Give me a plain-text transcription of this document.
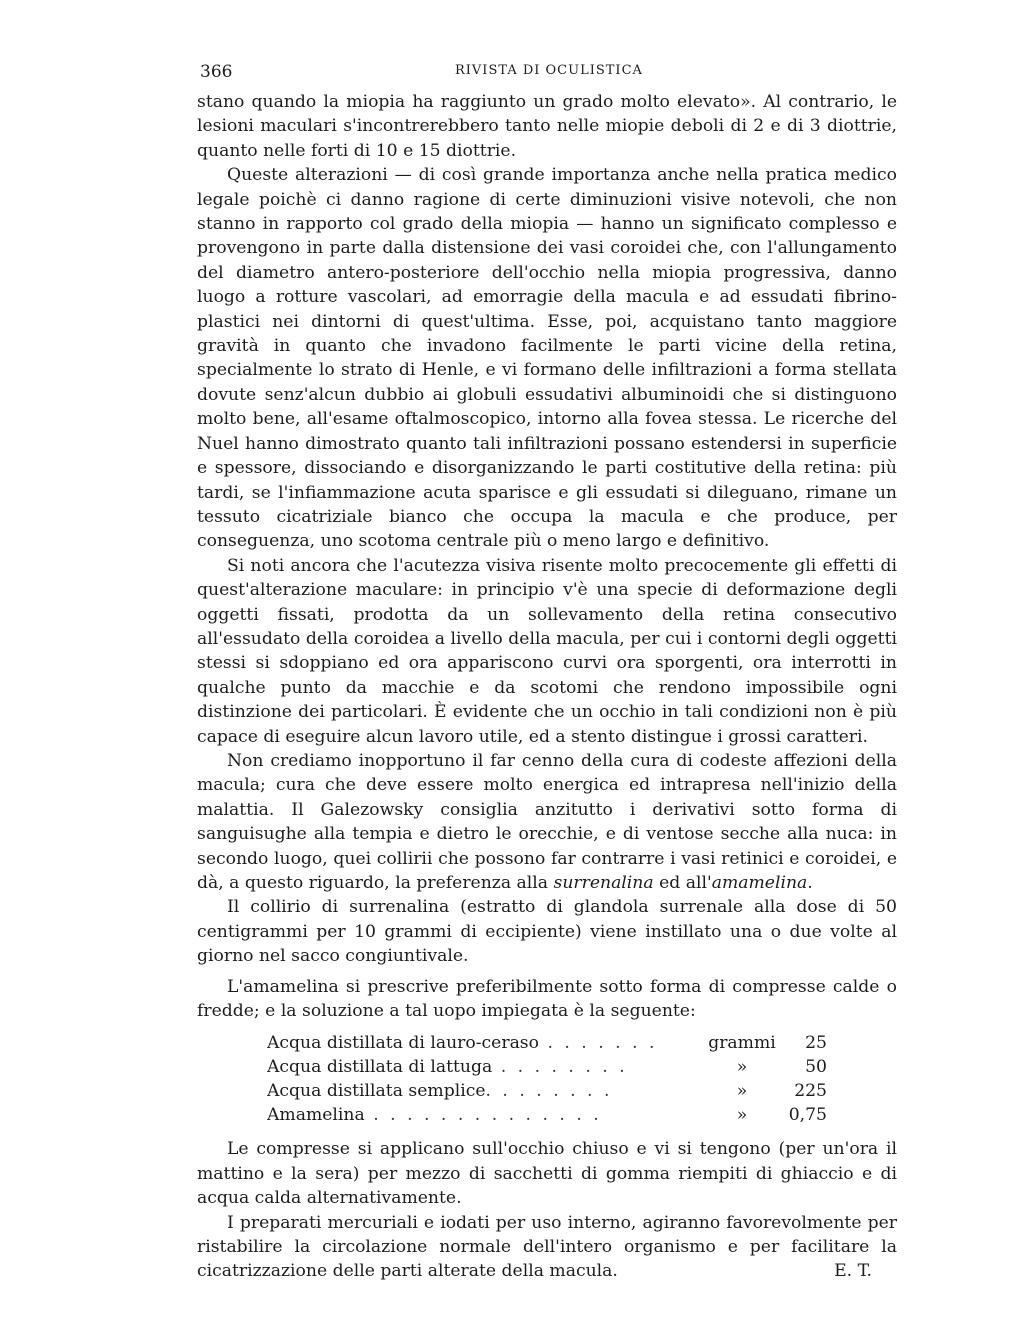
366	RIVISTA DI OCULISTICA

stano quando la miopia ha raggiunto un grado molto elevato». Al contrario, le lesioni maculari s'incontrerebbero tanto nelle miopie deboli di 2 e di 3 diottrie, quanto nelle forti di 10 e 15 diottrie.

Queste alterazioni — di così grande importanza anche nella pratica medico legale poichè ci danno ragione di certe diminuzioni visive notevoli, che non stanno in rapporto col grado della miopia — hanno un significato complesso e provengono in parte dalla distensione dei vasi coroidei che, con l'allungamento del diametro antero-posteriore dell'occhio nella miopia progressiva, danno luogo a rotture vascolari, ad emorragie della macula e ad essudati fibrino-plastici nei dintorni di quest'ultima. Esse, poi, acquistano tanto maggiore gravità in quanto che invadono facilmente le parti vicine della retina, specialmente lo strato di Henle, e vi formano delle infiltrazioni a forma stellata dovute senz'alcun dubbio ai globuli essudativi albuminoidi che si distinguono molto bene, all'esame oftalmoscopico, intorno alla fovea stessa. Le ricerche del Nuel hanno dimostrato quanto tali infiltrazioni possano estendersi in superficie e spessore, dissociando e disorganizzando le parti costitutive della retina: più tardi, se l'infiammazione acuta sparisce e gli essudati si dileguano, rimane un tessuto cicatriziale bianco che occupa la macula e che produce, per conseguenza, uno scotoma centrale più o meno largo e definitivo.

Si noti ancora che l'acutezza visiva risente molto precocemente gli effetti di quest'alterazione maculare: in principio v'è una specie di deformazione degli oggetti fissati, prodotta da un sollevamento della retina consecutivo all'essudato della coroidea a livello della macula, per cui i contorni degli oggetti stessi si sdoppiano ed ora appariscono curvi ora sporgenti, ora interrotti in qualche punto da macchie e da scotomi che rendono impossibile ogni distinzione dei particolari. È evidente che un occhio in tali condizioni non è più capace di eseguire alcun lavoro utile, ed a stento distingue i grossi caratteri.

Non crediamo inopportuno il far cenno della cura di codeste affezioni della macula; cura che deve essere molto energica ed intrapresa nell'inizio della malattia. Il Galezowsky consiglia anzitutto i derivativi sotto forma di sanguisughe alla tempia e dietro le orecchie, e di ventose secche alla nuca: in secondo luogo, quei collirii che possono far contrarre i vasi retinici e coroidei, e dà, a questo riguardo, la preferenza alla surrenalina ed all'amamelina.

Il collirio di surrenalina (estratto di glandola surrenale alla dose di 50 centigrammi per 10 grammi di eccipiente) viene instillato una o due volte al giorno nel sacco congiuntivale.

L'amamelina si prescrive preferibilmente sotto forma di compresse calde o fredde; e la soluzione a tal uopo impiegata è la seguente:

Acqua distillata di lauro-ceraso . . . . . . .	grammi	25
Acqua distillata di lattuga . . . . . . . .	»	50
Acqua distillata semplice. . . . . . . .	»	225
Amamelina . . . . . . . . . . . . . .	»	0,75

Le compresse si applicano sull'occhio chiuso e vi si tengono (per un'ora il mattino e la sera) per mezzo di sacchetti di gomma riempiti di ghiaccio e di acqua calda alternativamente.

I preparati mercuriali e iodati per uso interno, agiranno favorevolmente per ristabilire la circolazione normale dell'intero organismo e per facilitare la cicatrizzazione delle parti alterate della macula.	E. T.
